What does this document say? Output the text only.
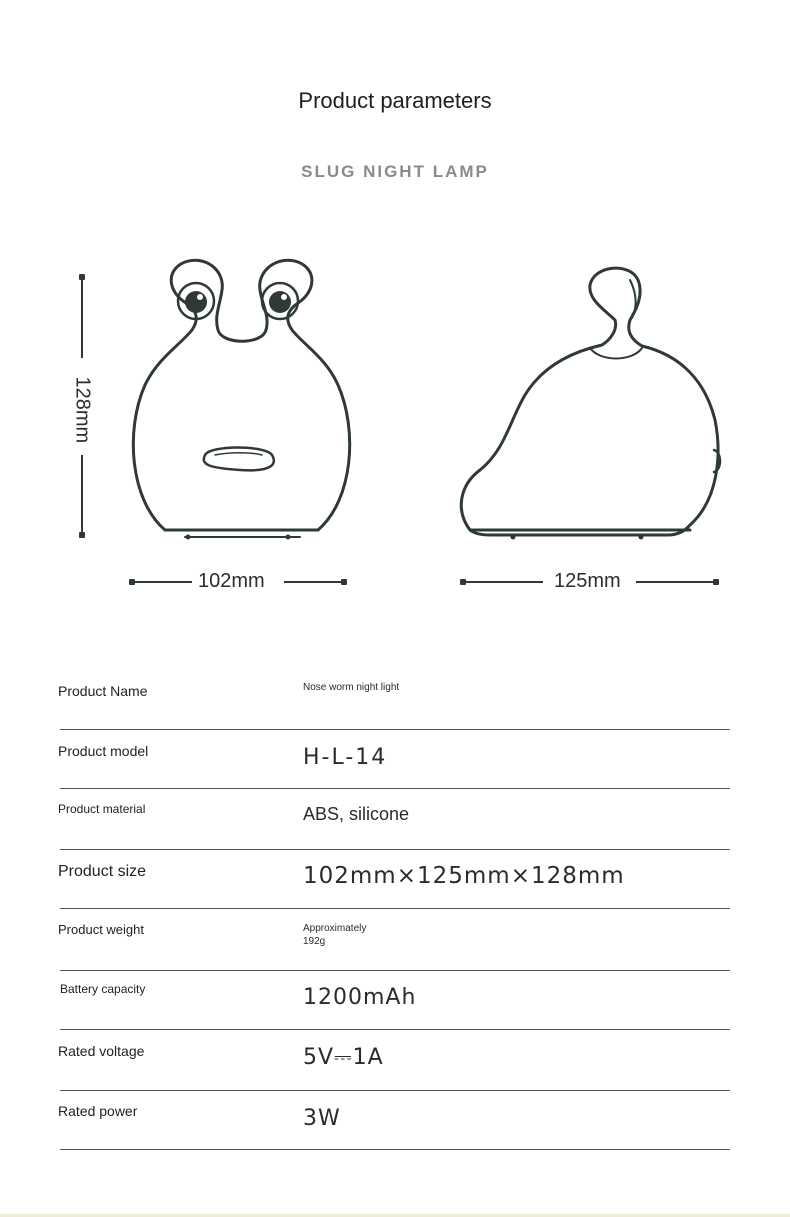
Product parameters
SLUG NIGHT LAMP
128mm
102mm	125mm
Product Name	Nose worm night light
Product model	H-L-14
Product material	ABS, silicone
Product size	102mm×125mm×128mm
Product weight	Approximately
192g
Battery capacity	1200mAh
Rated voltage	5V⎓1A
Rated power	3W
